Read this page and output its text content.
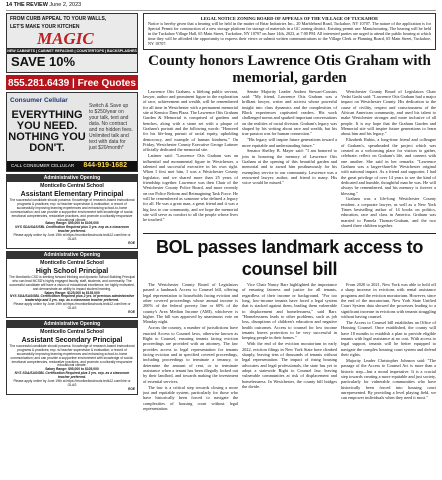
14 THE REVIEW June 2, 2023
FROM CURB APPEAL TO YOUR WALLS,
LET'S MAKE YOUR KITCHEN
MAGIC
NEW CABINETS | CABINET REFACING | COUNTERTOPS | BACKSPLASHES
SAVE 10%
855.281.6439 | Free Quotes
Consumer Cellular
EVERYTHING YOU NEED. NOTHING YOU DON'T.
Switch & Save up to $250/year on your talk, text and data. No contract and no hidden fees. Unlimited talk and text with data for just $20/month*
CALL CONSUMER CELLULAR 844-919-1682
Administrative Opening
Monticello Central School
Assistant Elementary Principal
The successful candidate should possess: Knowledge of research-based instructional programs & practices; exp. w/ teacher supervision & evaluation; a record of successfully improving learning experiences and enhancing school-to-home communication; and can provide a supportive environment with knowledge of social-emotional competencies, restorative practices, and promote a culturally responsive educational climate.
Salary Range: $95,000 to $105,000
NYS SDA/SAS/SBL Certification Required plus 3 yrs. exp as a classroom teacher preferred.
Please apply online by June 19th at https://monticelloschools.tedk12.com/hire or OLAS
EOE
Administrative Opening
Monticello Central School
High School Principal
The Monticello CSD is seeking forward thinking and dynamic School Building Principal who can lead MCSD's highly engaged faculty, staff, students, and community. The successful candidate will have a vision of educational excellence, be highly motivated, and demonstrate an ability to impact student learning.
Salary Range: $125,000 to $135,000
NYS SDA/SAS/SBL Certification Required plus 2 yrs. of previous administrative leadership and 3 yrs. exp. as a classroom teacher preferred.
Please apply online by June 19th at https://monticelloschools.tedk12.com/hire or OLAS
EOE
Administrative Opening
Monticello Central School
Assistant Secondary Principal
The successful candidate should possess: Knowledge of research-based instructional programs & practices; exp. w/ teacher supervision & evaluation; a record of successfully improving learning experiences and enhancing school-to-home communication; and can provide a supportive environment with knowledge of social-emotional competencies, restorative practices, and promote a culturally responsive educational climate.
Salary Range: $95,000 to $105,000
NYS SDA/SAS/SBL Certification Required plus 3 yrs. exp. as a classroom teacher preferred.
Please apply online by June 19th at https://monticelloschools.tedk12.com/hire or OLAS
EOE
LEGAL NOTICE ZONING BOARD OF APPEALS OF THE VILLAGE OF TUCKAHOE
Notice is hereby given that a hearing will be held in the matter of Briar Industries Inc., 20 Marblehead Road, Tuckahoe, NY 10707. The nature of the application is for Special Permit for construction of a new storage platform for storage of materials in a GC zoning district. Existing permit use: Manufacturing. The hearing will be held in the Tuckahoe Village Hall, 65 Main Street, Tuckahoe, NY 10707 on June 14th, 2023, at 7:00 PM. All interested parties are urged to attend the public hearing at which time they will be afforded the opportunity to express their views or submit written communications to the Village Clerk or Planning Board, 65 Main Street, Tuckahoe, NY 10707.
County honors Lawrence Otis Graham with memorial, garden

Lawrence Otis Graham, a lifelong public servant, lawyer, author and prominent figure in the exploration of race, achievement and wealth, will be remembered for all time in Westchester with a permanent memorial site at Kensico Dam Plaza. The Lawrence Otis Graham Garden & Memorial is comprised of gardens and benches, along with a stone set with a plaque of Graham's portrait and the following words: "Honored for his life-long pursuit of racial equity, upholding democracy, and example of human kindness." On Friday, Westchester County Executive George Latimer officially dedicated the memorial site.

Latimer said: "Lawrence Otis Graham was an influential and monumental figure in Westchester, a talented and successful executive in his own right. When I first met him, I was a Westchester County legislator, and we shared more than 25 years of friendship together. Lawrence was then Chair of the Westchester County Police Board, and more recently on our Police Reform and Reimagining Task Force. He will be remembered as someone who defined a legacy for all. He was a great man, a great friend and it was a big loss to our community, and we hope the memorial site will serve as comfort to all the people whose lives he touched."

Senate Majority Leader Andrea Stewart-Cousins said: "My friend, Lawrence Otis Graham was a brilliant lawyer, writer and activist whose powerful insight into class dynamics and the complexities of Black experiences captivated readers. His work challenged norms and sparked important conversations on the realities of racial division. Graham's legacy was shaped by his writing about race and wealth, but his true passion was for human connection."

"His legacy will inspire future generations toward a more equitable and understanding future."

Senator Shelley B. Mayer said: "I am honored to join in honoring the memory of Lawrence Otis Graham at the opening of this beautiful garden and memorial and to award him posthumously for his exemplary service to our community. Lawrence was a renowned lawyer, author, and friend to many. His voice would be missed."

Westchester County Board of Legislators Chair Vedat Gashi said: "Lawrence Otis Graham had a major impact on Westchester County. His dedication to the cause of civility, respect and consciousness of the African American community, and used his talent to make Westchester stronger and more inclusive of all people. It is my hope that the Graham Garden and Memorial site will inspire future generations to learn about him and his legacy."

Elizabeth Rubin, a long-time friend and colleague of Graham's, spearheaded the project which was created as a welcoming place for visitors to gather, celebrate, reflect on Graham's life, and connect with one another. She said in her remarks: "Lawrence Graham was a larger-than-life Westchester original with national impact. As a friend and supporter, I had the great privilege of over 14 years to see the kind of dedicated and humble, thoughtful man he was. He will always be remembered, and his memory is forever a blessing."

Graham was a life-long Westchester County resident, a corporate lawyer, as well as a New York Times bestselling author of 14 books on politics, education, race and class in America. Graham was married to Pamela Thomas-Graham, and the two shared three children together.

BOL passes landmark access to counsel bill

The Westchester County Board of Legislators passed a landmark Access to Counsel bill, offering legal representation to households facing eviction and other covered proceedings whose annual income is 200% of the federal poverty line or 60% of the county's Area Median Income (AMI), whichever is higher. The bill was approved by unanimous vote on Monday night.

Across the country, a number of jurisdictions have enacted Access to Counsel laws, otherwise known as Right to Counsel, ensuring tenants facing eviction proceedings are provided with an attorney. The law provides access to legal representation for tenants facing eviction and in specified covered proceedings, including proceedings to terminate a tenancy, to determine the amount of rent, or to terminate assistance when a tenant has been illegally locked out by their landlord, and towards making the investment of essential services.

The law is a critical step towards closing a more just and equitable system, particularly for those who have historically been forced to navigate the complexities of housing court without legal representation.

Vice Chair Nancy Barr highlighted the importance of ensuring fairness and justice for all tenants, regardless of their income or background. "For too long, low-income tenants have faced a legal system that is stacked against them, leading them vulnerable to displacement and homelessness," said Barr. "Homelessness leads to other problems, such as job loss, disruptions of children's education and negative health outcomes. Access to counsel for low income tenants leaves protection to be very successful in keeping people in their homes."

With the end of the eviction moratorium in early 2022, eviction filings in New York State have climbed sharply, leaving tens of thousands of tenants without legal representation. The impact of rising housing advocates and legal professionals, the state has yet to adopt a statewide Right to Counsel law, leaving vulnerable communities at risk of displacement and homelessness. In Westchester, the county bill bridges the divide.

From 2020 to 2021, New York was able to hold off a sharp increase in evictions with rental assistance programs and the eviction moratorium. However, since the end of the moratorium, New York State Unified Court System data showed the processes leading to a significant increase in evictions with tenants struggling without having counsel.

The Access to Counsel bill establishes an Office of Housing Counsel. Once established, the county will have 18 months to establish a plan to provide eligible tenants with legal assistance at no cost. With access to legal support, tenants will be better equipped to navigate the complex housing court system and defend their rights.

Majority Leader Christopher Johnson said: "The passage of the Access to Counsel Act is more than a historic step—but a moral imperative. It is a crucial step towards creating a more equitable and just society, particularly for vulnerable communities who have historically been forced into housing court unrepresented. By providing a level playing field, we can empower individuals when they need it most."
